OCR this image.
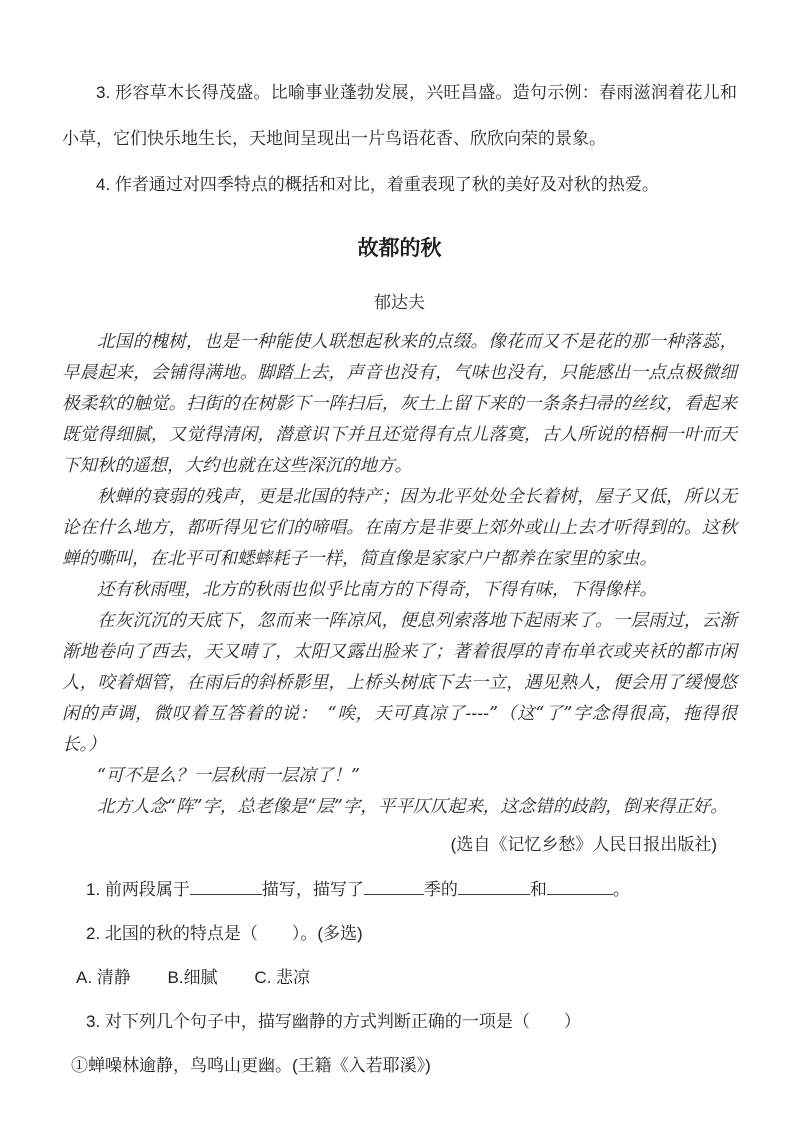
3. 形容草木长得茂盛。比喻事业蓬勃发展，兴旺昌盛。造句示例：春雨滋润着花儿和小草，它们快乐地生长，天地间呈现出一片鸟语花香、欣欣向荣的景象。

4. 作者通过对四季特点的概括和对比，着重表现了秋的美好及对秋的热爱。

故都的秋
郁达夫

北国的槐树，也是一种能使人联想起秋来的点缀。像花而又不是花的那一种落蕊，早晨起来，会铺得满地。脚踏上去，声音也没有，气味也没有，只能感出一点点极微细极柔软的触觉。扫街的在树影下一阵扫后，灰土上留下来的一条条扫帚的丝纹，看起来既觉得细腻，又觉得清闲，潜意识下并且还觉得有点儿落寞，古人所说的梧桐一叶而天下知秋的遥想，大约也就在这些深沉的地方。

秋蝉的衰弱的残声，更是北国的特产；因为北平处处全长着树，屋子又低，所以无论在什么地方，都听得见它们的啼唱。在南方是非要上郊外或山上去才听得到的。这秋蝉的嘶叫，在北平可和蟋蟀耗子一样，简直像是家家户户都养在家里的家虫。

还有秋雨哩，北方的秋雨也似乎比南方的下得奇，下得有味，下得像样。

在灰沉沉的天底下，忽而来一阵凉风，便息列索落地下起雨来了。一层雨过，云渐渐地卷向了西去，天又晴了，太阳又露出脸来了；著着很厚的青布单衣或夹袄的都市闲人，咬着烟管，在雨后的斜桥影里，上桥头树底下去一立，遇见熟人，便会用了缓慢悠闲的声调，微叹着互答着的说：　“唉，天可真凉了----”（这“了”字念得很高，拖得很长。）

“可不是么？一层秋雨一层凉了！”

北方人念“阵”字，总老像是“层”字，平平仄仄起来，这念错的歧韵，倒来得正好。

(选自《记忆乡愁》人民日报出版社)

1. 前两段属于	描写，描写了	季的	和	。

2. 北国的秋的特点是（　　）。(多选)

A. 清静 B.细腻 C. 悲凉

3. 对下列几个句子中，描写幽静的方式判断正确的一项是（　　）

①蝉噪林逾静，鸟鸣山更幽。(王籍《入若耶溪》)
